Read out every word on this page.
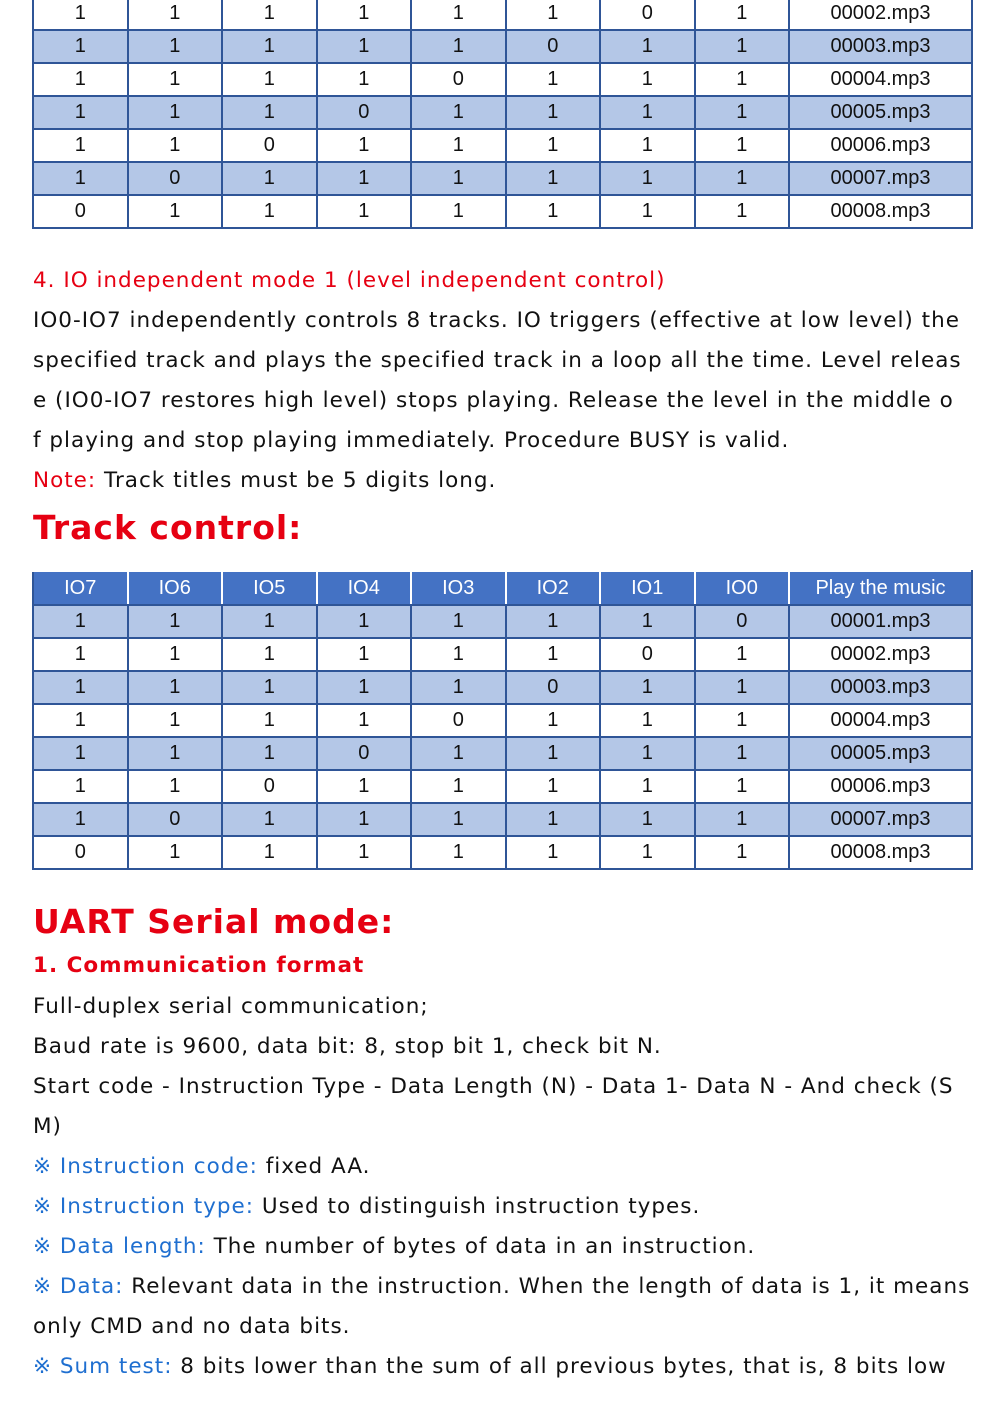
1	1	1	1	1	1	0	1	00002.mp3
1	1	1	1	1	0	1	1	00003.mp3
1	1	1	1	0	1	1	1	00004.mp3
1	1	1	0	1	1	1	1	00005.mp3
1	1	0	1	1	1	1	1	00006.mp3
1	0	1	1	1	1	1	1	00007.mp3
0	1	1	1	1	1	1	1	00008.mp3

4. IO independent mode 1 (level independent control)

IO0-IO7 independently controls 8 tracks. IO triggers (effective at low level) the

specified track and plays the specified track in a loop all the time. Level releas

e (IO0-IO7 restores high level) stops playing. Release the level in the middle o

f playing and stop playing immediately. Procedure BUSY is valid.

Note: Track titles must be 5 digits long.

Track control:
IO7	IO6	IO5	IO4	IO3	IO2	IO1	IO0	Play the music
1	1	1	1	1	1	1	0	00001.mp3
1	1	1	1	1	1	0	1	00002.mp3
1	1	1	1	1	0	1	1	00003.mp3
1	1	1	1	0	1	1	1	00004.mp3
1	1	1	0	1	1	1	1	00005.mp3
1	1	0	1	1	1	1	1	00006.mp3
1	0	1	1	1	1	1	1	00007.mp3
0	1	1	1	1	1	1	1	00008.mp3
UART Serial mode:

1. Communication format

Full-duplex serial communication;

Baud rate is 9600, data bit: 8, stop bit 1, check bit N.

Start code - Instruction Type - Data Length (N) - Data 1- Data N - And check (S

M)

※ Instruction code: fixed AA.

※ Instruction type: Used to distinguish instruction types.

※ Data length: The number of bytes of data in an instruction.

※ Data: Relevant data in the instruction. When the length of data is 1, it means

only CMD and no data bits.

※ Sum test: 8 bits lower than the sum of all previous bytes, that is, 8 bits low
